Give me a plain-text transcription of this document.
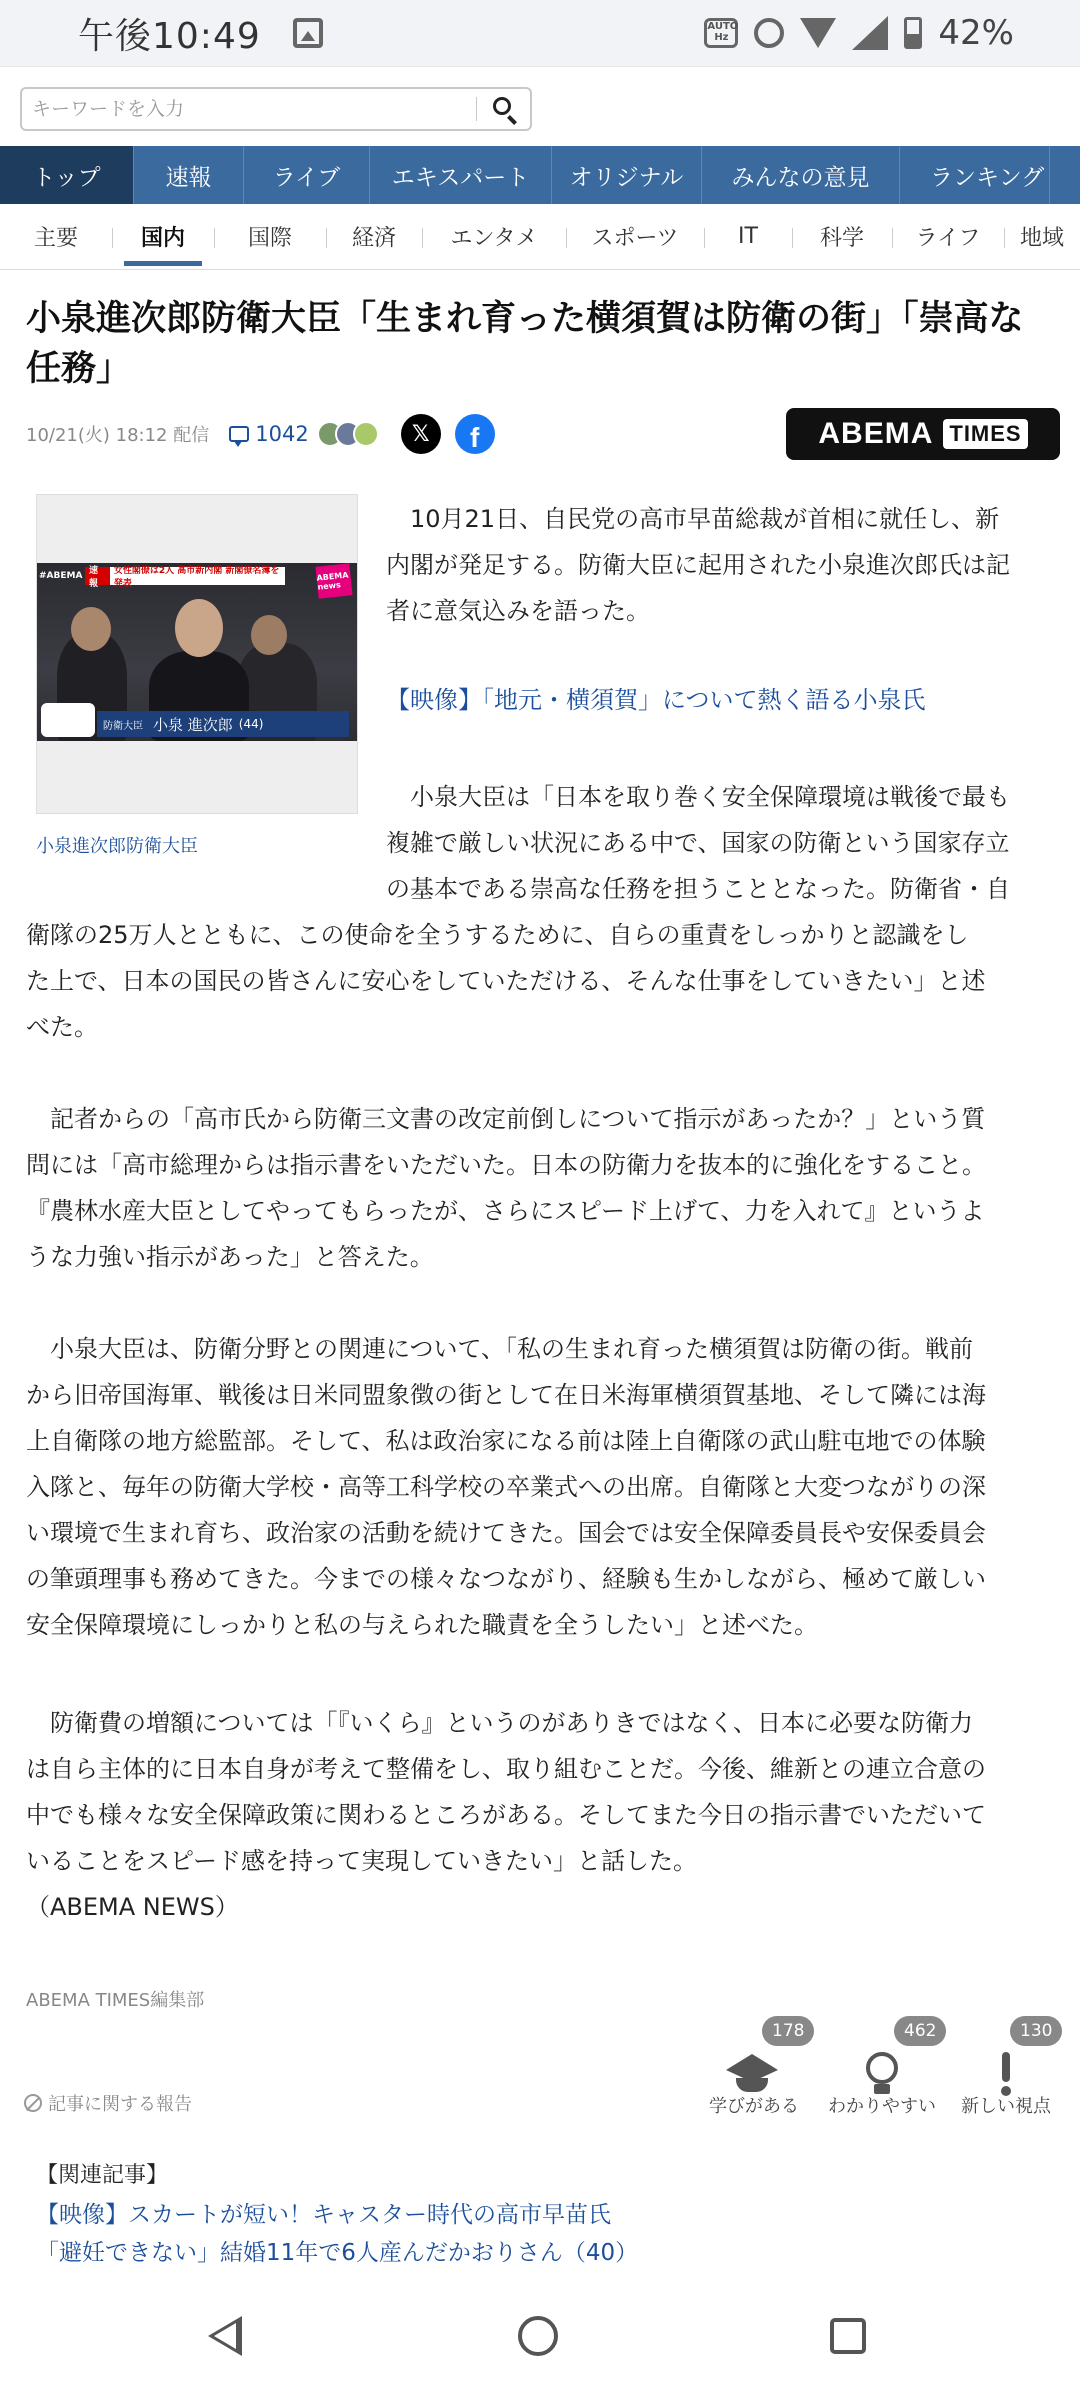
午後10:49	AUTO
Hz	42%
キーワードを入力
トップ	速報	ライブ	エキスパート	オリジナル	みんなの意見	ランキング
主要	国内	国際	経済	エンタメ	スポーツ	IT	科学	ライフ	地域
小泉進次郎防衛大臣「生まれ育った横須賀は防衛の街」「崇高な任務」
10/21(火) 18:12 配信 1042	𝕏	f	ABEMA TIMES
#ABEMA 速報
女性閣僚は2人 高市新内閣 新閣僚名簿を発表
ABEMA news
防衛大臣 小泉 進次郎 (44)
小泉進次郎防衛大臣
　10月21日、自民党の高市早苗総裁が首相に就任し、新
内閣が発足する。防衛大臣に起用された小泉進次郎氏は記
者に意気込みを語った。
【映像】「地元・横須賀」について熱く語る小泉氏
　小泉大臣は「日本を取り巻く安全保障環境は戦後で最も
複雑で厳しい状況にある中で、国家の防衛という国家存立
の基本である崇高な任務を担うこととなった。防衛省・自
衛隊の25万人とともに、この使命を全うするために、自らの重責をしっかりと認識をし
た上で、日本の国民の皆さんに安心をしていただける、そんな仕事をしていきたい」と述
べた。
　記者からの「高市氏から防衛三文書の改定前倒しについて指示があったか？」という質
問には「高市総理からは指示書をいただいた。日本の防衛力を抜本的に強化をすること。
『農林水産大臣としてやってもらったが、さらにスピード上げて、力を入れて』というよ
うな力強い指示があった」と答えた。
　小泉大臣は、防衛分野との関連について、「私の生まれ育った横須賀は防衛の街。戦前
から旧帝国海軍、戦後は日米同盟象徴の街として在日米海軍横須賀基地、そして隣には海
上自衛隊の地方総監部。そして、私は政治家になる前は陸上自衛隊の武山駐屯地での体験
入隊と、毎年の防衛大学校・高等工科学校の卒業式への出席。自衛隊と大変つながりの深
い環境で生まれ育ち、政治家の活動を続けてきた。国会では安全保障委員長や安保委員会
の筆頭理事も務めてきた。今までの様々なつながり、経験も生かしながら、極めて厳しい
安全保障環境にしっかりと私の与えられた職責を全うしたい」と述べた。
　防衛費の増額については「『いくら』というのがありきではなく、日本に必要な防衛力
は自ら主体的に日本自身が考えて整備をし、取り組むことだ。今後、維新との連立合意の
中でも様々な安全保障政策に関わるところがある。そしてまた今日の指示書でいただいて
いることをスピード感を持って実現していきたい」と話した。
（ABEMA NEWS）
ABEMA TIMES編集部
記事に関する報告
178
学びがある
462
わかりやすい
130
新しい視点
【関連記事】
【映像】スカートが短い！キャスター時代の高市早苗氏
「避妊できない」結婚11年で6人産んだかおりさん（40）
